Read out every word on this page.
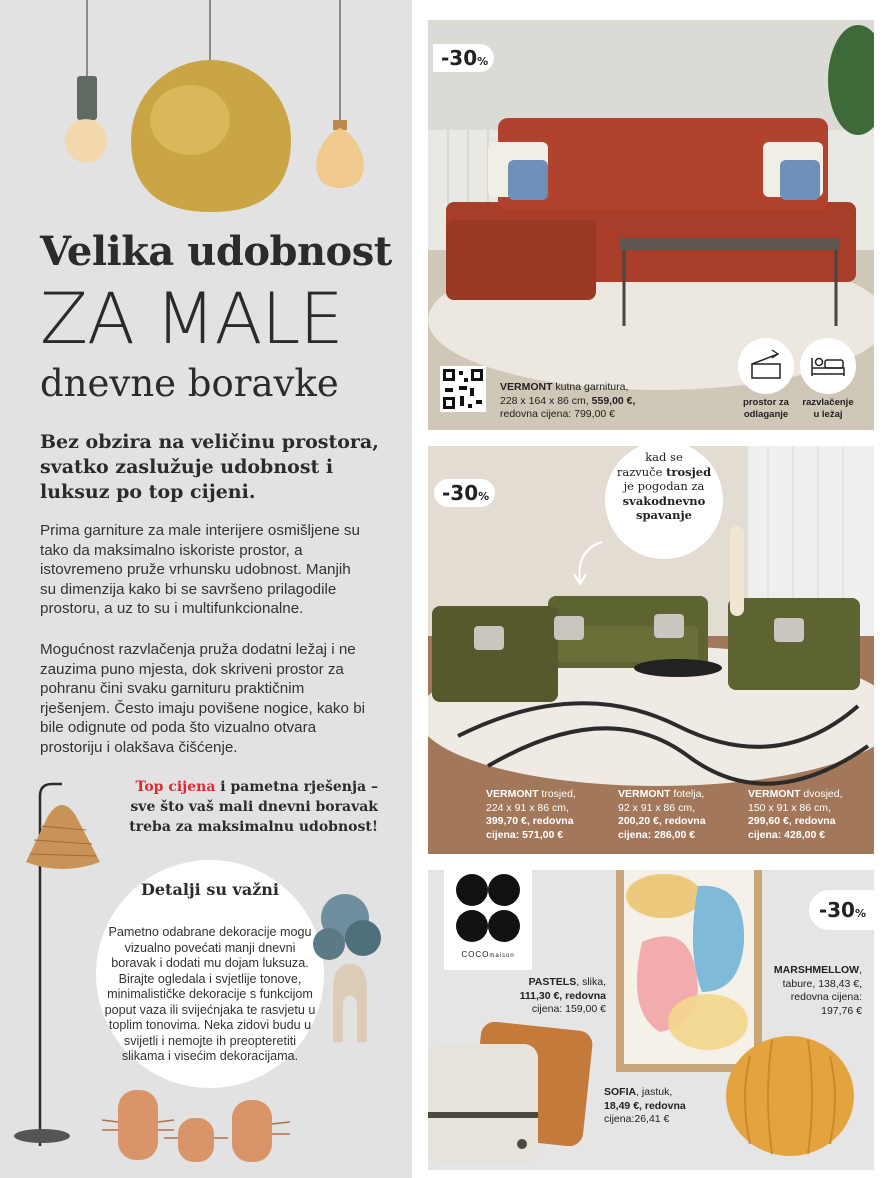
Velika udobnost
ZA MALE
dnevne boravke
Bez obzira na veličinu prostora, svatko zaslužuje udobnost i luksuz po top cijeni.
Prima garniture za male interijere osmišljene su tako da maksimalno iskoriste prostor, a istovremeno pruže vrhunsku udobnost. Manjih su dimenzija kako bi se savršeno prilagodile prostoru, a uz to su i multifunkcionalne.
Mogućnost razvlačenja pruža dodatni ležaj i ne zauzima puno mjesta, dok skriveni prostor za pohranu čini svaku garnituru praktičnim rješenjem. Često imaju povišene nogice, kako bi bile odignute od poda što vizualno otvara prostoriju i olakšava čišćenje.
Top cijena i pametna rješenja – sve što vaš mali dnevni boravak treba za maksimalnu udobnost!
Detalji su važni
Pametno odabrane dekoracije mogu vizualno povećati manji dnevni boravak i dodati mu dojam luksuza. Birajte ogledala i svjetlije tonove, minimalističke dekoracije s funkcijom poput vaza ili svijećnjaka te rasvjetu u toplim tonovima. Neka zidovi budu u svijetli i nemojte ih preopteretiti slikama i visećim dekoracijama.
-30%
VERMONT kutna garnitura,
228 x 164 x 86 cm, 559,00 €,
redovna cijena: 799,00 €
prostor za
odlaganje
razvlačenje
u ležaj
-30%
kad se
razvuče trosjed
je pogodan za
svakodnevno
spavanje
VERMONT trosjed,
224 x 91 x 86 cm,
399,70 €, redovna
cijena: 571,00 €
VERMONT fotelja,
92 x 91 x 86 cm,
200,20 €, redovna
cijena: 286,00 €
VERMONT dvosjed,
150 x 91 x 86 cm,
299,60 €, redovna
cijena: 428,00 €
COCOmaison
-30%
PASTELS, slika,
111,30 €, redovna
cijena: 159,00 €
MARSHMELLOW,
tabure, 138,43 €,
redovna cijena:
197,76 €
SOFIA, jastuk,
18,49 €, redovna
cijena:26,41 €
